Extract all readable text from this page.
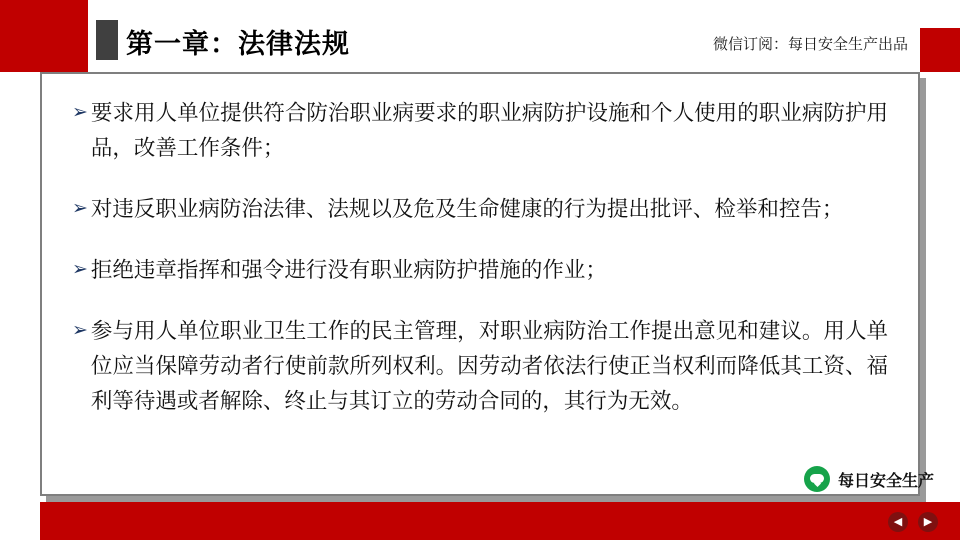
第一章：法律法规	微信订阅：每日安全生产出品
➢ 要求用人单位提供符合防治职业病要求的职业病防护设施和个人使用的职业病防护用品，改善工作条件；
➢ 对违反职业病防治法律、法规以及危及生命健康的行为提出批评、检举和控告；
➢ 拒绝违章指挥和强令进行没有职业病防护措施的作业；
➢ 参与用人单位职业卫生工作的民主管理，对职业病防治工作提出意见和建议。用人单位应当保障劳动者行使前款所列权利。因劳动者依法行使正当权利而降低其工资、福利等待遇或者解除、终止与其订立的劳动合同的，其行为无效。
每日安全生产
◀	▶
